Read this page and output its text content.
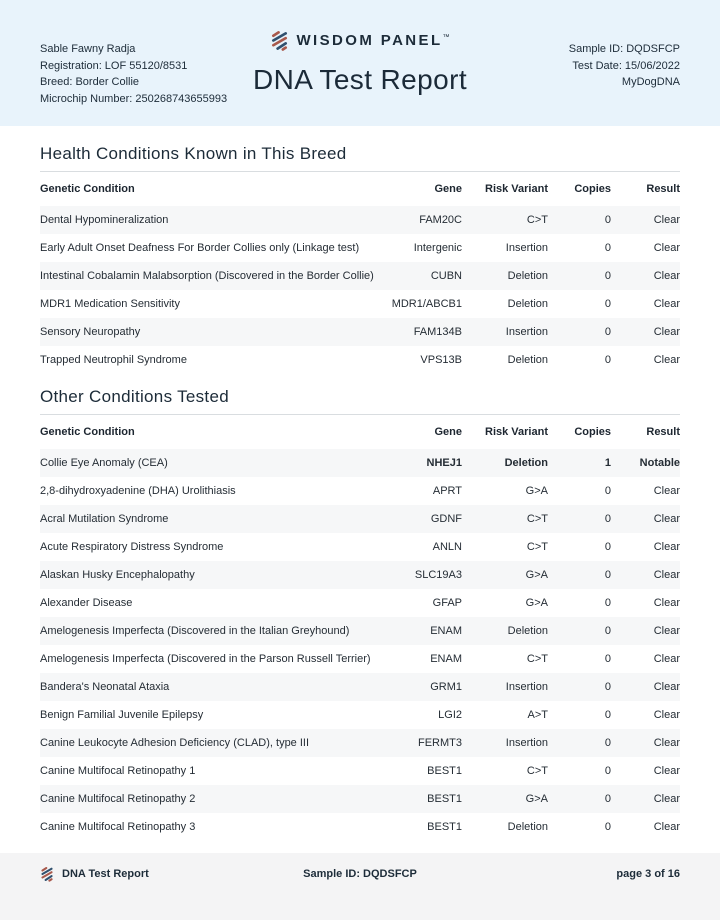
Sable Fawny Radja
Registration: LOF 55120/8531
Breed: Border Collie
Microchip Number: 250268743655993
WISDOM PANEL™
DNA Test Report
Sample ID: DQDSFCP
Test Date: 15/06/2022
MyDogDNA
Health Conditions Known in This Breed
Genetic Condition	Gene	Risk Variant	Copies	Result
Dental Hypomineralization	FAM20C	C>T	0	Clear
Early Adult Onset Deafness For Border Collies only (Linkage test)	Intergenic	Insertion	0	Clear
Intestinal Cobalamin Malabsorption (Discovered in the Border Collie)	CUBN	Deletion	0	Clear
MDR1 Medication Sensitivity	MDR1/ABCB1	Deletion	0	Clear
Sensory Neuropathy	FAM134B	Insertion	0	Clear
Trapped Neutrophil Syndrome	VPS13B	Deletion	0	Clear
Other Conditions Tested
Genetic Condition	Gene	Risk Variant	Copies	Result
Collie Eye Anomaly (CEA)	NHEJ1	Deletion	1	Notable
2,8-dihydroxyadenine (DHA) Urolithiasis	APRT	G>A	0	Clear
Acral Mutilation Syndrome	GDNF	C>T	0	Clear
Acute Respiratory Distress Syndrome	ANLN	C>T	0	Clear
Alaskan Husky Encephalopathy	SLC19A3	G>A	0	Clear
Alexander Disease	GFAP	G>A	0	Clear
Amelogenesis Imperfecta (Discovered in the Italian Greyhound)	ENAM	Deletion	0	Clear
Amelogenesis Imperfecta (Discovered in the Parson Russell Terrier)	ENAM	C>T	0	Clear
Bandera's Neonatal Ataxia	GRM1	Insertion	0	Clear
Benign Familial Juvenile Epilepsy	LGI2	A>T	0	Clear
Canine Leukocyte Adhesion Deficiency (CLAD), type III	FERMT3	Insertion	0	Clear
Canine Multifocal Retinopathy 1	BEST1	C>T	0	Clear
Canine Multifocal Retinopathy 2	BEST1	G>A	0	Clear
Canine Multifocal Retinopathy 3	BEST1	Deletion	0	Clear
DNA Test Report	Sample ID: DQDSFCP	page 3 of 16
